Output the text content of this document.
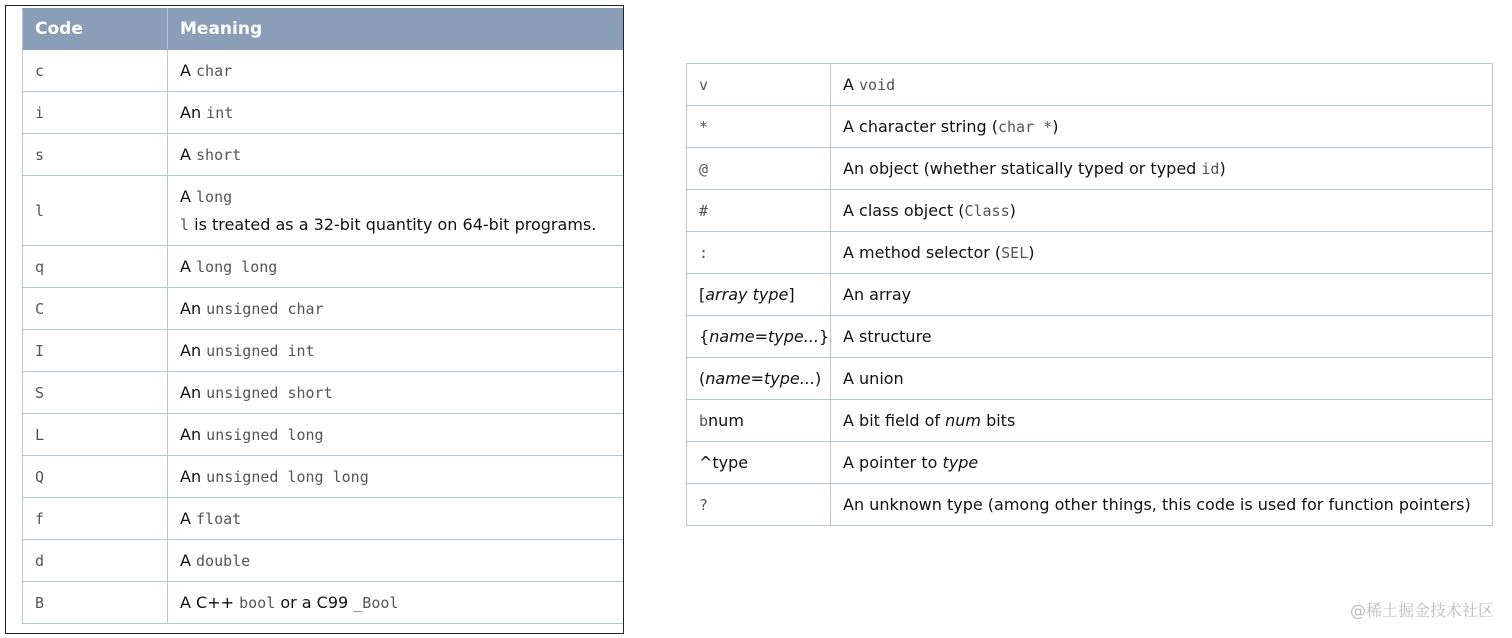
Code	Meaning
c	A char

i	An int

s	A short

l	A long
l is treated as a 32-bit quantity on 64-bit programs.

q	A long long

C	An unsigned char

I	An unsigned int

S	An unsigned short

L	An unsigned long

Q	An unsigned long long

f	A float

d	A double

B	A C++ bool or a C99 _Bool
v	A void

*	A character string (char *)

@	An object (whether statically typed or typed id)

#	A class object (Class)

:	A method selector (SEL)

[array type]	An array

{name=type...}	A structure

(name=type...)	A union

bnum	A bit field of num bits

^type	A pointer to type

?	An unknown type (among other things, this code is used for function pointers)
@稀土掘金技术社区
